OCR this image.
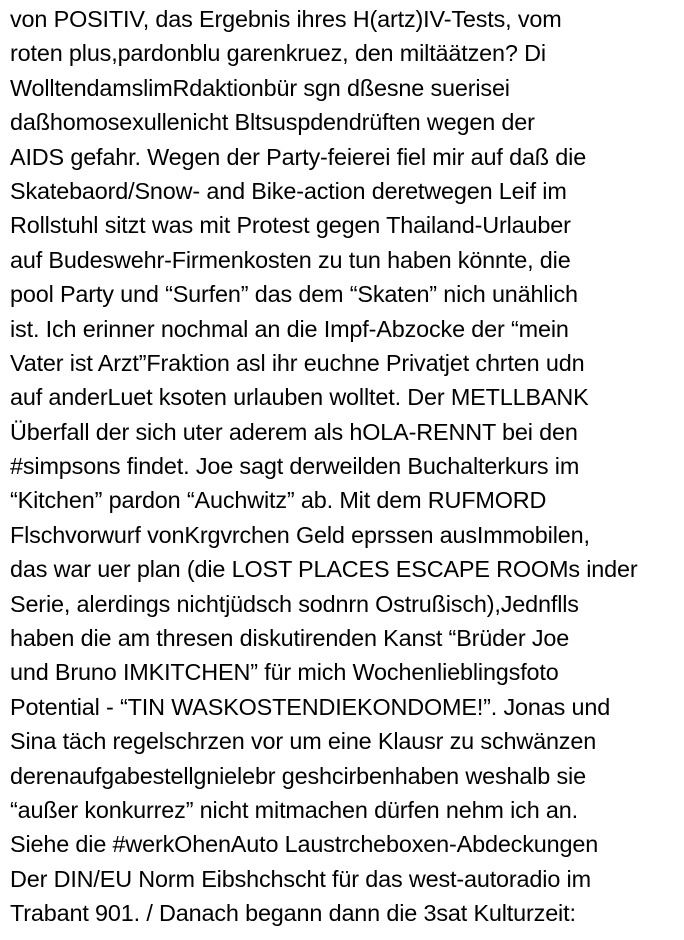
von POSITIV, das Ergebnis ihres H(artz)IV-Tests, vom
roten plus,pardonblu garenkruez, den miltäätzen? Di
WolltendamslimRdaktionbür sgn dßesne suerisei
daßhomosexullenicht Bltsuspdendrüften wegen der
AIDS gefahr. Wegen der Party-feierei fiel mir auf daß die
Skatebaord/Snow- and Bike-action deretwegen Leif im
Rollstuhl sitzt was mit Protest gegen Thailand-Urlauber
auf Budeswehr-Firmenkosten zu tun haben könnte, die
pool Party und “Surfen” das dem “Skaten” nich unählich
ist. Ich erinner nochmal an die Impf-Abzocke der “mein
Vater ist Arzt”Fraktion asl ihr euchne Privatjet chrten udn
auf anderLuet ksoten urlauben wolltet. Der METLLBANK
Überfall der sich uter aderem als hOLA-RENNT bei den
#simpsons findet. Joe sagt derweilden Buchalterkurs im
“Kitchen” pardon “Auchwitz” ab. Mit dem RUFMORD
Flschvorwurf vonKrgvrchen Geld eprssen ausImmobilen,
das war uer plan (die LOST PLACES ESCAPE ROOMs inder
Serie, alerdings nichtjüdsch sodnrn Ostrußisch),Jednflls
haben die am thresen diskutirenden Kanst “Brüder Joe
und Bruno IMKITCHEN” für mich Wochenlieblingsfoto
Potential - “TIN WASKOSTENDIEKONDOME!”. Jonas und
Sina täch regelschrzen vor um eine Klausr zu schwänzen
derenaufgabestellgnielebr geshcirbenhaben weshalb sie
“außer konkurrez” nicht mitmachen dürfen nehm ich an.
Siehe die #werkOhenAuto Laustrcheboxen-Abdeckungen
Der DIN/EU Norm Eibshchscht für das west-autoradio im
Trabant 901. / Danach begann dann die 3sat Kulturzeit:
